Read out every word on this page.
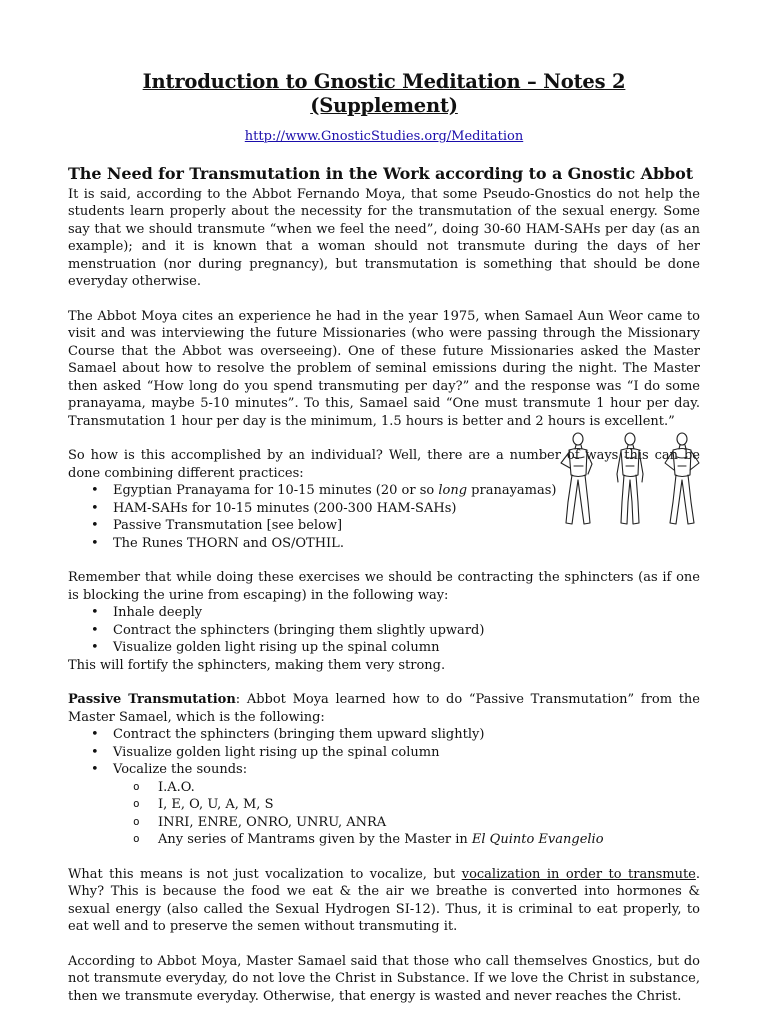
Introduction to Gnostic Meditation – Notes 2 (Supplement)
http://www.GnosticStudies.org/Meditation
The Need for Transmutation in the Work according to a Gnostic Abbot

It is said, according to the Abbot Fernando Moya, that some Pseudo-Gnostics do not help the students learn properly about the necessity for the transmutation of the sexual energy. Some say that we should transmute “when we feel the need”, doing 30-60 HAM-SAHs per day (as an example); and it is known that a woman should not transmute during the days of her menstruation (nor during pregnancy), but transmutation is something that should be done everyday otherwise.

The Abbot Moya cites an experience he had in the year 1975, when Samael Aun Weor came to visit and was interviewing the future Missionaries (who were passing through the Missionary Course that the Abbot was overseeing). One of these future Missionaries asked the Master Samael about how to resolve the problem of seminal emissions during the night. The Master then asked “How long do you spend transmuting per day?” and the response was “I do some pranayama, maybe 5-10 minutes”. To this, Samael said “One must transmute 1 hour per day. Transmutation 1 hour per day is the minimum, 1.5 hours is better and 2 hours is excellent.”

So how is this accomplished by an individual? Well, there are a number of ways this can be done combining different practices:

• Egyptian Pranayama for 10-15 minutes (20 or so long pranayamas)
• HAM-SAHs for 10-15 minutes (200-300 HAM-SAHs)
• Passive Transmutation [see below]
• The Runes THORN and OS/OTHIL.

Remember that while doing these exercises we should be contracting the sphincters (as if one is blocking the urine from escaping) in the following way:

• Inhale deeply
• Contract the sphincters (bringing them slightly upward)
• Visualize golden light rising up the spinal column

This will fortify the sphincters, making them very strong.

Passive Transmutation: Abbot Moya learned how to do “Passive Transmutation” from the Master Samael, which is the following:

• Contract the sphincters (bringing them upward slightly)
• Visualize golden light rising up the spinal column
• Vocalize the sounds:
o I.A.O.
o I, E, O, U, A, M, S
o INRI, ENRE, ONRO, UNRU, ANRA
o Any series of Mantrams given by the Master in El Quinto Evangelio

What this means is not just vocalization to vocalize, but vocalization in order to transmute. Why? This is because the food we eat & the air we breathe is converted into hormones & sexual energy (also called the Sexual Hydrogen SI-12). Thus, it is criminal to eat properly, to eat well and to preserve the semen without transmuting it.

According to Abbot Moya, Master Samael said that those who call themselves Gnostics, but do not transmute everyday, do not love the Christ in Substance. If we love the Christ in substance, then we transmute everyday. Otherwise, that energy is wasted and never reaches the Christ.
